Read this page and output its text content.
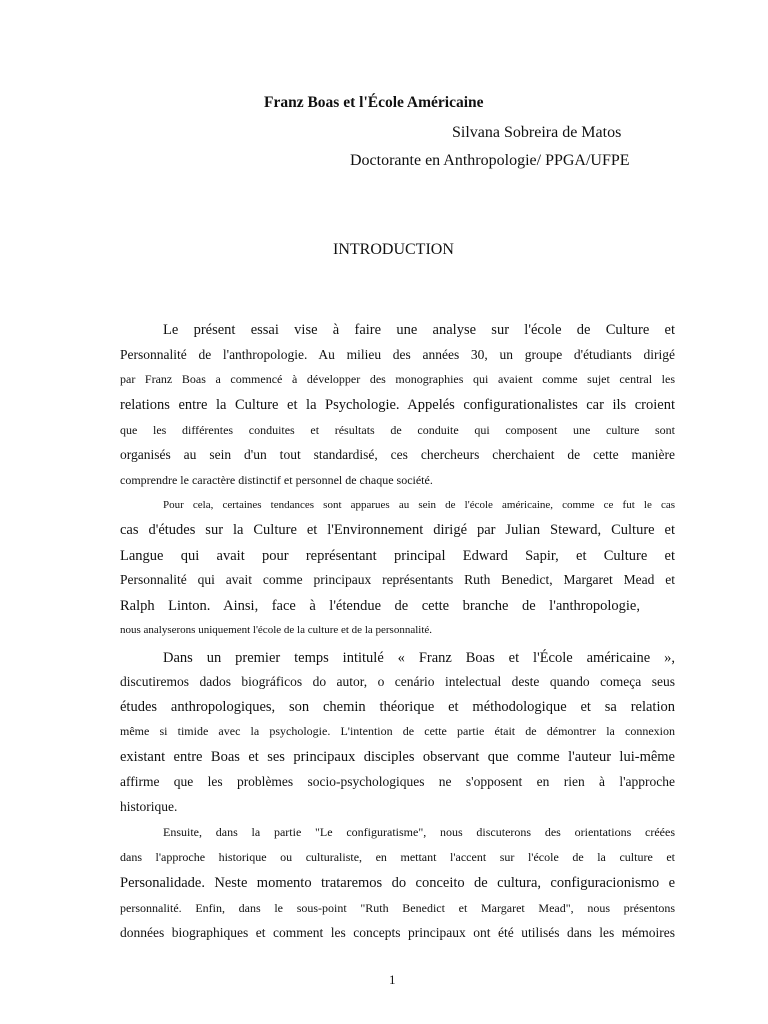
Franz Boas et l'École Américaine
Silvana Sobreira de Matos
Doctorante en Anthropologie/ PPGA/UFPE
INTRODUCTION
Le présent essai vise à faire une analyse sur l'école de Culture et
Personnalité de l'anthropologie. Au milieu des années 30, un groupe d'étudiants dirigé
par Franz Boas a commencé à développer des monographies qui avaient comme sujet central les
relations entre la Culture et la Psychologie. Appelés configurationalistes car ils croient
que les différentes conduites et résultats de conduite qui composent une culture sont
organisés au sein d'un tout standardisé, ces chercheurs cherchaient de cette manière
comprendre le caractère distinctif et personnel de chaque société.
Pour cela, certaines tendances sont apparues au sein de l'école américaine, comme ce fut le cas
cas d'études sur la Culture et l'Environnement dirigé par Julian Steward, Culture et
Langue qui avait pour représentant principal Edward Sapir, et Culture et
Personnalité qui avait comme principaux représentants Ruth Benedict, Margaret Mead et
Ralph Linton. Ainsi, face à l'étendue de cette branche de l'anthropologie,
nous analyserons uniquement l'école de la culture et de la personnalité.
Dans un premier temps intitulé « Franz Boas et l'École américaine »,
discutiremos dados biográficos do autor, o cenário intelectual deste quando começa seus
études anthropologiques, son chemin théorique et méthodologique et sa relation
même si timide avec la psychologie. L'intention de cette partie était de démontrer la connexion
existant entre Boas et ses principaux disciples observant que comme l'auteur lui-même
affirme que les problèmes socio-psychologiques ne s'opposent en rien à l'approche
historique.
Ensuite, dans la partie "Le configuratisme", nous discuterons des orientations créées
dans l'approche historique ou culturaliste, en mettant l'accent sur l'école de la culture et
Personalidade. Neste momento trataremos do conceito de cultura, configuracionismo e
personnalité. Enfin, dans le sous-point "Ruth Benedict et Margaret Mead", nous présentons
données biographiques et comment les concepts principaux ont été utilisés dans les mémoires
1
